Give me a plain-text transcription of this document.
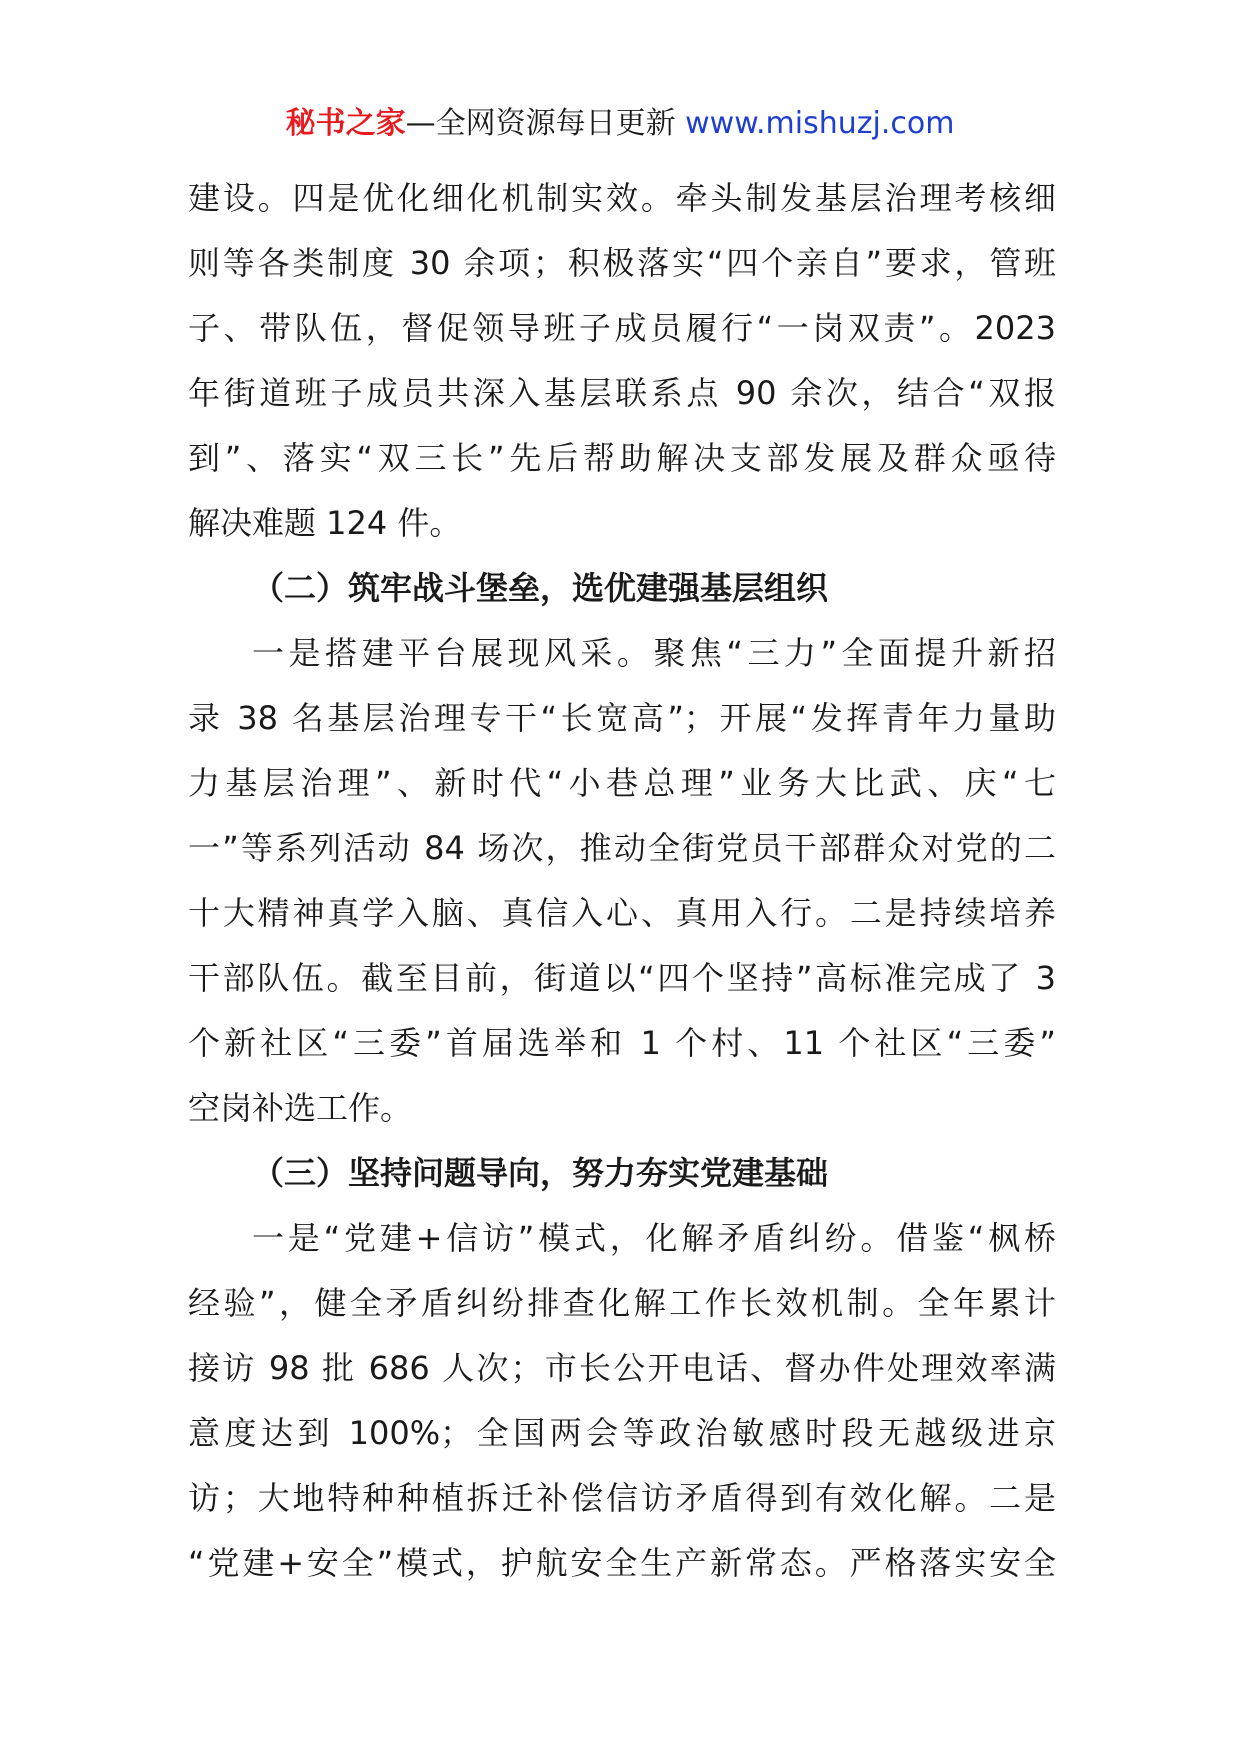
秘书之家—全网资源每日更新 www.mishuzj.com
建设。四是优化细化机制实效。牵头制发基层治理考核细
则等各类制度 30 余项；积极落实“四个亲自”要求，管班
子、带队伍，督促领导班子成员履行“一岗双责”。2023
年街道班子成员共深入基层联系点 90 余次，结合“双报
到”、落实“双三长”先后帮助解决支部发展及群众亟待
解决难题 124 件。
（二）筑牢战斗堡垒，选优建强基层组织
一是搭建平台展现风采。聚焦“三力”全面提升新招
录 38 名基层治理专干“长宽高”；开展“发挥青年力量助
力基层治理”、新时代“小巷总理”业务大比武、庆“七
一”等系列活动 84 场次，推动全街党员干部群众对党的二
十大精神真学入脑、真信入心、真用入行。二是持续培养
干部队伍。截至目前，街道以“四个坚持”高标准完成了 3
个新社区“三委”首届选举和 1 个村、11 个社区“三委”
空岗补选工作。
（三）坚持问题导向，努力夯实党建基础
一是“党建+信访”模式，化解矛盾纠纷。借鉴“枫桥
经验”，健全矛盾纠纷排查化解工作长效机制。全年累计
接访 98 批 686 人次；市长公开电话、督办件处理效率满
意度达到 100%；全国两会等政治敏感时段无越级进京
访；大地特种种植拆迁补偿信访矛盾得到有效化解。二是
“党建+安全”模式，护航安全生产新常态。严格落实安全
